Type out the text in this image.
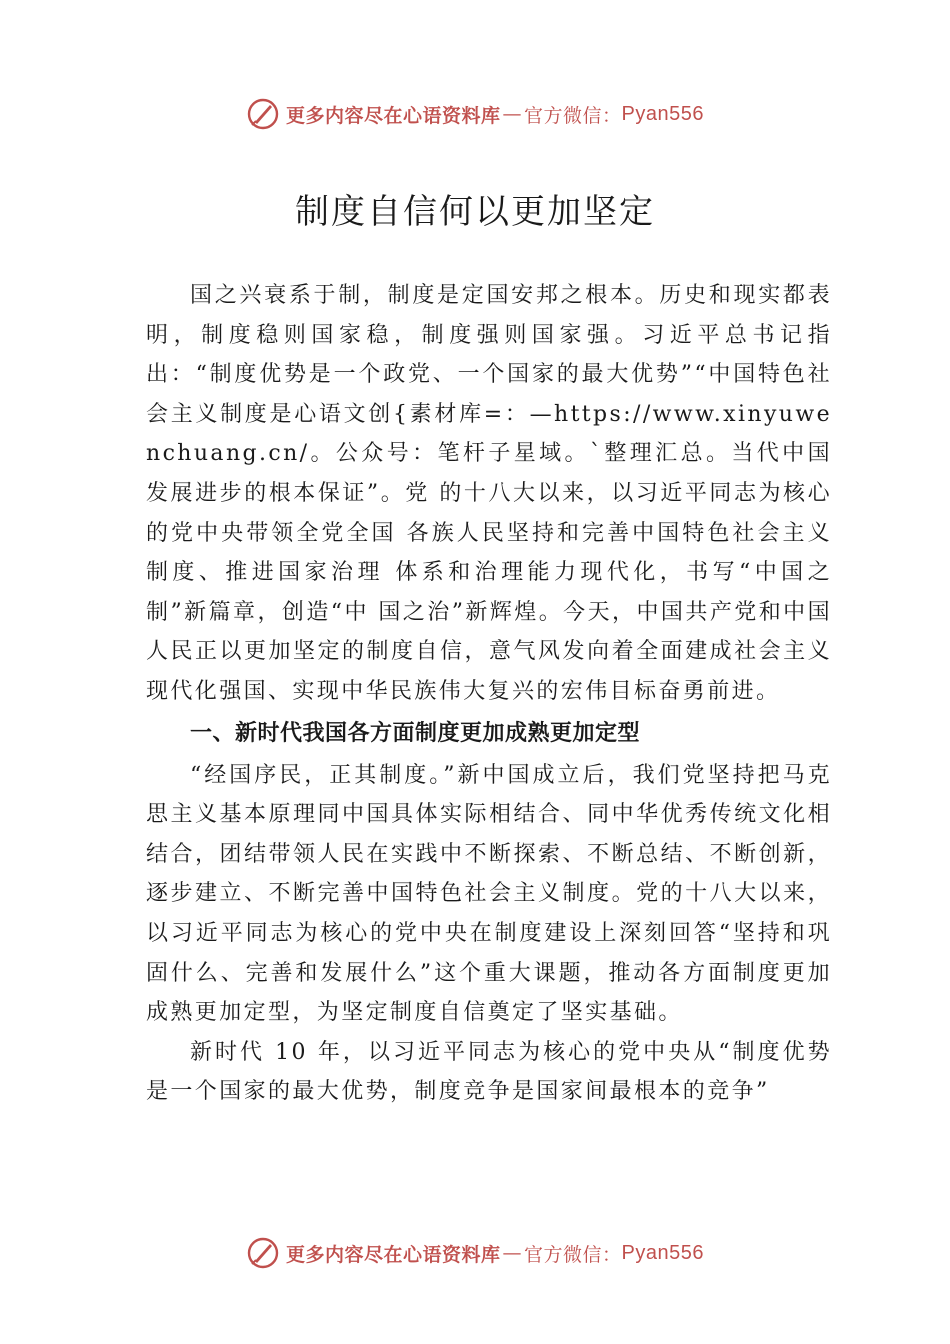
更多内容尽在心语资料库 — 官方微信： Pyan556
制度自信何以更加坚定

国之兴衰系于制，制度是定国安邦之根本。历史和现实都表明，制度稳则国家稳，制度强则国家强。习近平总书记指出：“制度优势是一个政党、一个国家的最大优势”“中国特色社会主义制度是心语文创{素材库=：—https://www.xinyuwenchuang.cn/。公众号：笔杆子星域。`整理汇总。当代中国发展进步的根本保证”。党 的十八大以来，以习近平同志为核心的党中央带领全党全国 各族人民坚持和完善中国特色社会主义制度、推进国家治理 体系和治理能力现代化，书写“中国之制”新篇章，创造“中 国之治”新辉煌。今天，中国共产党和中国人民正以更加坚定的制度自信，意气风发向着全面建成社会主义现代化强国、实现中华民族伟大复兴的宏伟目标奋勇前进。

一、新时代我国各方面制度更加成熟更加定型

“经国序民，正其制度。”新中国成立后，我们党坚持把马克思主义基本原理同中国具体实际相结合、同中华优秀传统文化相结合，团结带领人民在实践中不断探索、不断总结、不断创新，逐步建立、不断完善中国特色社会主义制度。党的十八大以来，以习近平同志为核心的党中央在制度建设上深刻回答“坚持和巩固什么、完善和发展什么”这个重大课题，推动各方面制度更加成熟更加定型，为坚定制度自信奠定了坚实基础。

新时代 10 年，以习近平同志为核心的党中央从“制度优势是一个国家的最大优势，制度竞争是国家间最根本的竞争”

更多内容尽在心语资料库 — 官方微信： Pyan556
